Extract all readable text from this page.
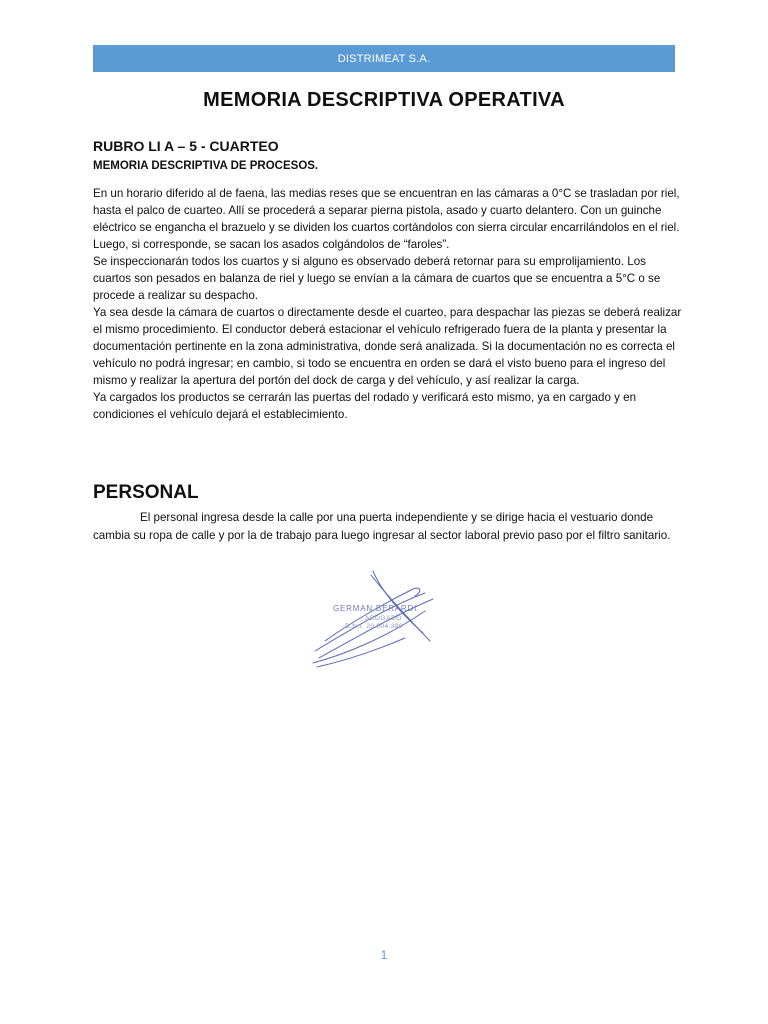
DISTRIMEAT S.A.
MEMORIA DESCRIPTIVA OPERATIVA
RUBRO LI A – 5 - CUARTEO
MEMORIA DESCRIPTIVA DE PROCESOS.

En un horario diferido al de faena, las medias reses que se encuentran en las cámaras a 0°C se trasladan por riel, hasta el palco de cuarteo. Allí se procederá a separar pierna pistola, asado y cuarto delantero. Con un guinche eléctrico se engancha el brazuelo y se dividen los cuartos cortándolos con sierra circular encarrilándolos en el riel. Luego, si corresponde, se sacan los asados colgándolos de “faroles”.

Se inspeccionarán todos los cuartos y si alguno es observado deberá retornar para su emprolijamiento. Los cuartos son pesados en balanza de riel y luego se envían a la cámara de cuartos que se encuentra a 5°C o se procede a realizar su despacho.

Ya sea desde la cámara de cuartos o directamente desde el cuarteo, para despachar las piezas se deberá realizar el mismo procedimiento. El conductor deberá estacionar el vehículo refrigerado fuera de la planta y presentar la documentación pertinente en la zona administrativa, donde será analizada. Si la documentación no es correcta el vehículo no podrá ingresar; en cambio, si todo se encuentra en orden se dará el visto bueno para el ingreso del mismo y realizar la apertura del portón del dock de carga y del vehículo, y así realizar la carga.

Ya cargados los productos se cerrarán las puertas del rodado y verificará esto mismo, ya en cargado y en condiciones el vehículo dejará el establecimiento.

PERSONAL

El personal ingresa desde la calle por una puerta independiente y se dirige hacia el vestuario donde cambia su ropa de calle y por la de trabajo para luego ingresar al sector laboral previo paso por el filtro sanitario.

GERMAN BERARDI
ABOGADO
D.N.I. 20.004.380
1
